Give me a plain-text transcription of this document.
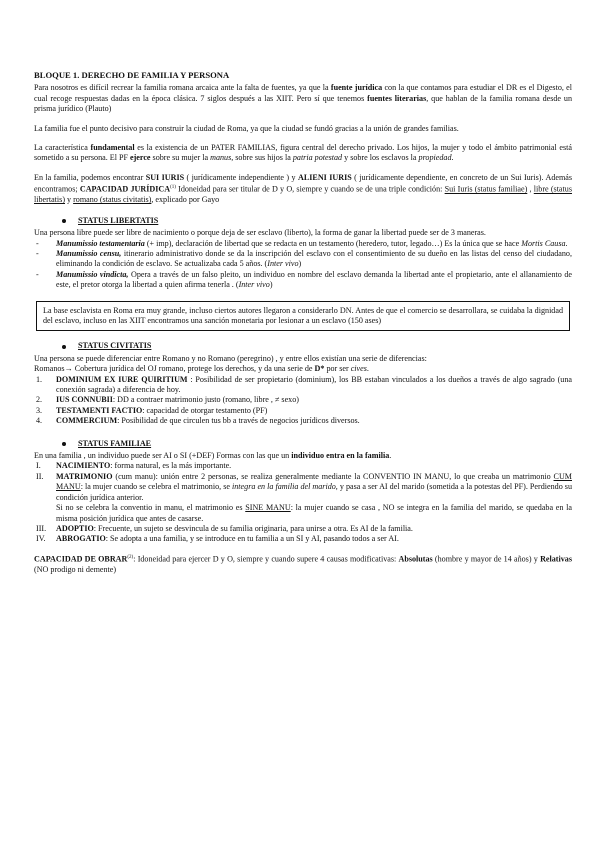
BLOQUE 1. DERECHO DE FAMILIA Y PERSONA

Para nosotros es difícil recrear la familia romana arcaica ante la falta de fuentes, ya que la fuente jurídica con la que contamos para estudiar el DR es el Digesto, el cual recoge respuestas dadas en la época clásica. 7 siglos después a las XIIT. Pero sí que tenemos fuentes literarias, que hablan de la familia romana desde un prisma jurídico (Plauto)

La familia fue el punto decisivo para construir la ciudad de Roma, ya que la ciudad se fundó gracias a la unión de grandes familias.

La característica fundamental es la existencia de un PATER FAMILIAS, figura central del derecho privado. Los hijos, la mujer y todo el ámbito patrimonial está sometido a su persona. El PF ejerce sobre su mujer la manus, sobre sus hijos la patria potestad y sobre los esclavos la propiedad.

En la familia, podemos encontrar SUI IURIS ( jurídicamente independiente ) y ALIENI IURIS ( jurídicamente dependiente, en concreto de un Sui Iuris). Además encontramos; CAPACIDAD JURÍDICA$^{(1)}$ Idoneidad para ser titular de D y O, siempre y cuando se de una triple condición: Sui Iuris (status familiae) , libre (status libertatis) y romano (status civitatis), explicado por Gayo

STATUS LIBERTATIS

Una persona libre puede ser libre de nacimiento o porque deja de ser esclavo (liberto), la forma de ganar la libertad puede ser de 3 maneras.

-	Manumissio testamentaria (+ imp), declaración de libertad que se redacta en un testamento (heredero, tutor, legado…) Es la única que se hace Mortis Causa.
-	Manumissio censu, itinerario administrativo donde se da la inscripción del esclavo con el consentimiento de su dueño en las listas del censo del ciudadano, eliminando la condición de esclavo. Se actualizaba cada 5 años. (Inter vivo)
-	Manumissio vindicta, Opera a través de un falso pleito, un individuo en nombre del esclavo demanda la libertad ante el propietario, ante el allanamiento de este, el pretor otorga la libertad a quien afirma tenerla . (Inter vivo)
La base esclavista en Roma era muy grande, incluso ciertos autores llegaron a considerarlo DN. Antes de que el comercio se desarrollara, se cuidaba la dignidad del esclavo, incluso en las XIIT encontramos una sanción monetaria por lesionar a un esclavo (150 ases)
STATUS CIVITATIS

Una persona se puede diferenciar entre Romano y no Romano (peregrino) , y entre ellos existían una serie de diferencias:

Romanos→ Cobertura jurídica del OJ romano, protege los derechos, y da una serie de D* por ser cives.

1.	DOMINIUM EX IURE QUIRITIUM : Posibilidad de ser propietario (dominium), los BB estaban vinculados a los dueños a través de algo sagrado (una conexión sagrada) a diferencia de hoy.
2.	IUS CONNUBII: DD a contraer matrimonio justo (romano, libre , ≠ sexo)
3.	TESTAMENTI FACTIO: capacidad de otorgar testamento (PF)
4.	COMMERCIUM: Posibilidad de que circulen tus bb a través de negocios jurídicos diversos.
STATUS FAMILIAE

En una familia , un individuo puede ser AI o SI (+DEF) Formas con las que un individuo entra en la familia.

I.	NACIMIENTO: forma natural, es la más importante.
II.	MATRIMONIO (cum manu): unión entre 2 personas, se realiza generalmente mediante la CONVENTIO IN MANU, lo que creaba un matrimonio CUM MANU: la mujer cuando se celebra el matrimonio, se integra en la familia del marido, y pasa a ser AI del marido (sometida a la potestas del PF). Perdiendo su condición jurídica anterior.
Si no se celebra la conventio in manu, el matrimonio es SINE MANU: la mujer cuando se casa , NO se integra en la familia del marido, se quedaba en la misma posición jurídica que antes de casarse.
III.	ADOPTIO: Frecuente, un sujeto se desvincula de su familia originaria, para unirse a otra. Es AI de la familia.
IV.	ABROGATIO: Se adopta a una familia, y se introduce en tu familia a un SI y AI, pasando todos a ser AI.

CAPACIDAD DE OBRAR$^{(2)}$: Idoneidad para ejercer D y O, siempre y cuando supere 4 causas modificativas: Absolutas (hombre y mayor de 14 años) y Relativas (NO prodigo ni demente)
